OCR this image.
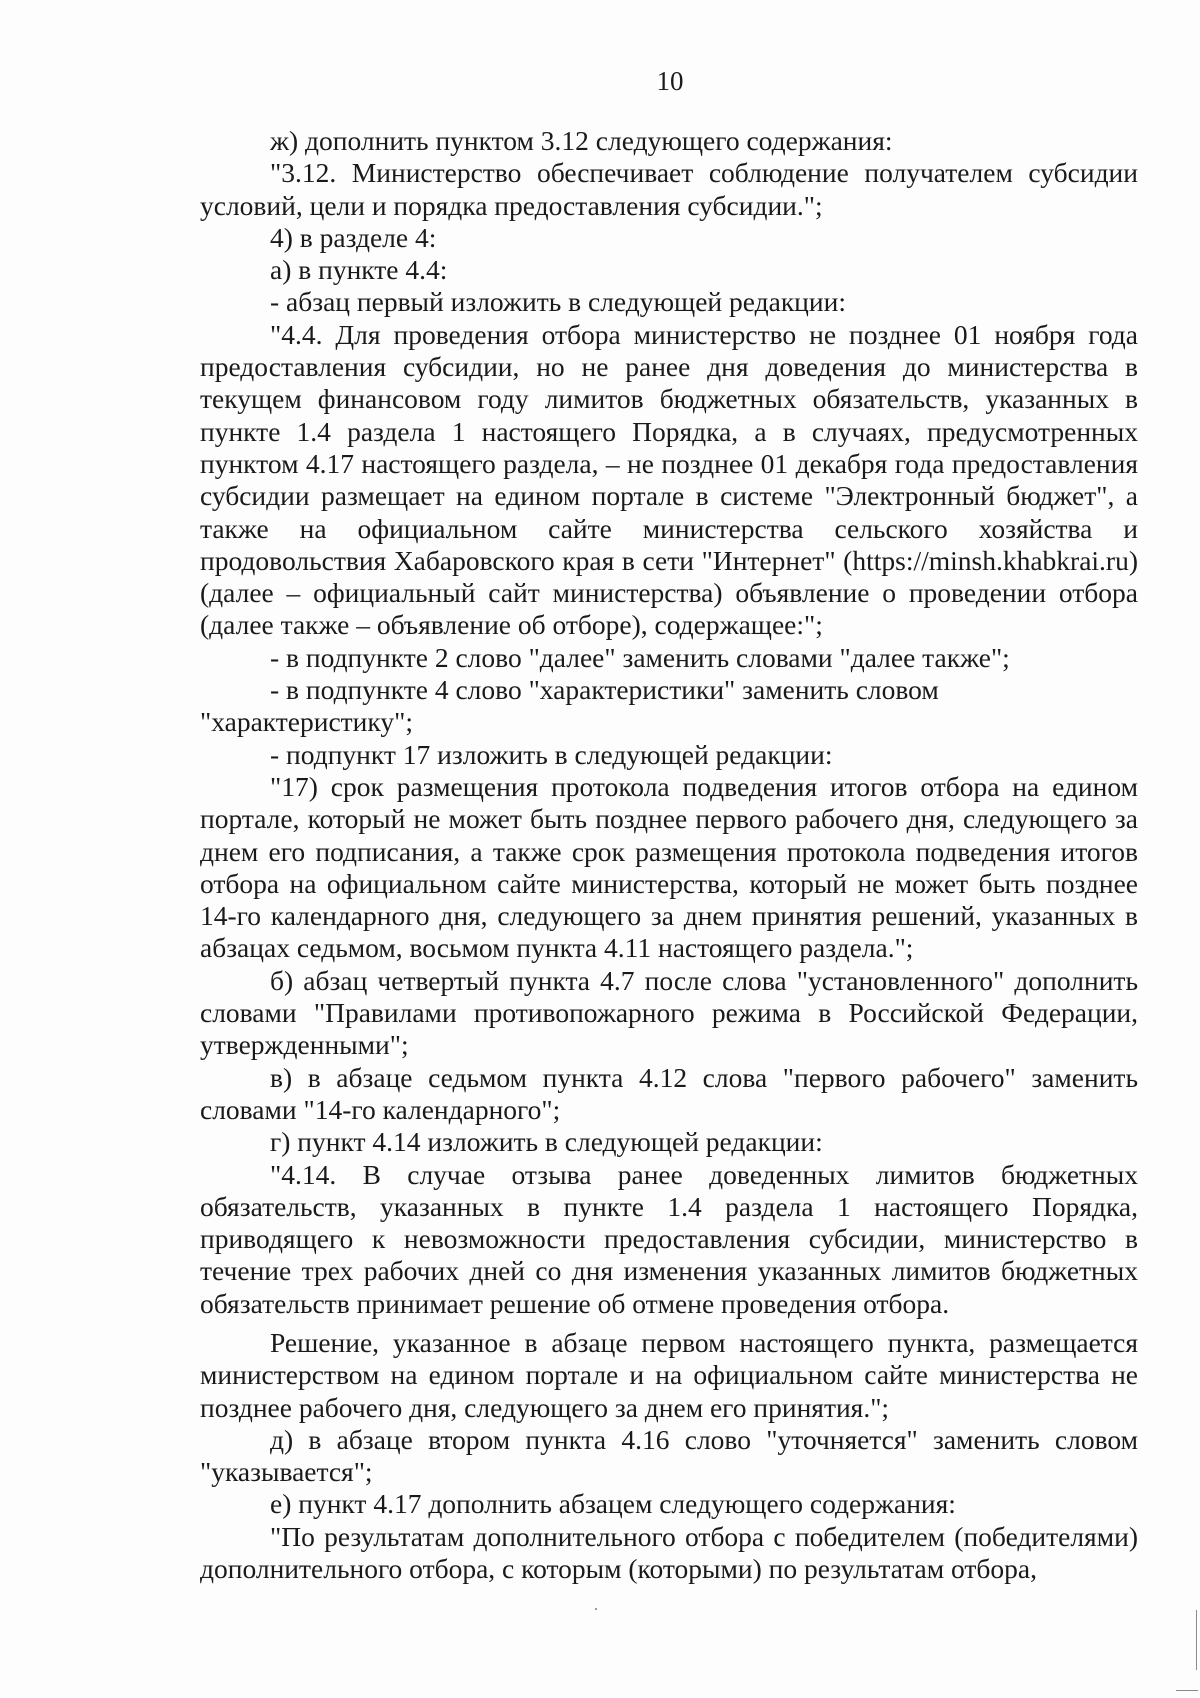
10

ж) дополнить пунктом 3.12 следующего содержания:

"3.12. Министерство обеспечивает соблюдение получателем субсидии условий, цели и порядка предоставления субсидии.";

4) в разделе 4:

а) в пункте 4.4:

- абзац первый изложить в следующей редакции:

"4.4. Для проведения отбора министерство не позднее 01 ноября года предоставления субсидии, но не ранее дня доведения до министерства в текущем финансовом году лимитов бюджетных обязательств, указанных в пункте 1.4 раздела 1 настоящего Порядка, а в случаях, предусмотренных пунктом 4.17 настоящего раздела, – не позднее 01 декабря года предоставления субсидии размещает на едином портале в системе "Электронный бюджет", а также на официальном сайте министерства сельского хозяйства и продовольствия Хабаровского края в сети "Интернет" (https://minsh.khabkrai.ru) (далее – официальный сайт министерства) объявление о проведении отбора (далее также – объявление об отборе), содержащее:";

- в подпункте 2 слово "далее" заменить словами "далее также";

- в подпункте 4 слово "характеристики" заменить словом "характеристику";

- подпункт 17 изложить в следующей редакции:

"17) срок размещения протокола подведения итогов отбора на едином портале, который не может быть позднее первого рабочего дня, следующего за днем его подписания, а также срок размещения протокола подведения итогов отбора на официальном сайте министерства, который не может быть позднее 14-го календарного дня, следующего за днем принятия решений, указанных в абзацах седьмом, восьмом пункта 4.11 настоящего раздела.";

б) абзац четвертый пункта 4.7 после слова "установленного" дополнить словами "Правилами противопожарного режима в Российской Федерации, утвержденными";

в) в абзаце седьмом пункта 4.12 слова "первого рабочего" заменить словами "14-го календарного";

г) пункт 4.14 изложить в следующей редакции:

"4.14. В случае отзыва ранее доведенных лимитов бюджетных обязательств, указанных в пункте 1.4 раздела 1 настоящего Порядка, приводящего к невозможности предоставления субсидии, министерство в течение трех рабочих дней со дня изменения указанных лимитов бюджетных обязательств принимает решение об отмене проведения отбора.

Решение, указанное в абзаце первом настоящего пункта, размещается министерством на едином портале и на официальном сайте министерства не позднее рабочего дня, следующего за днем его принятия.";

д) в абзаце втором пункта 4.16 слово "уточняется" заменить словом "указывается";

е) пункт 4.17 дополнить абзацем следующего содержания:

"По результатам дополнительного отбора с победителем (победителями) дополнительного отбора, с которым (которыми) по результатам отбора,
